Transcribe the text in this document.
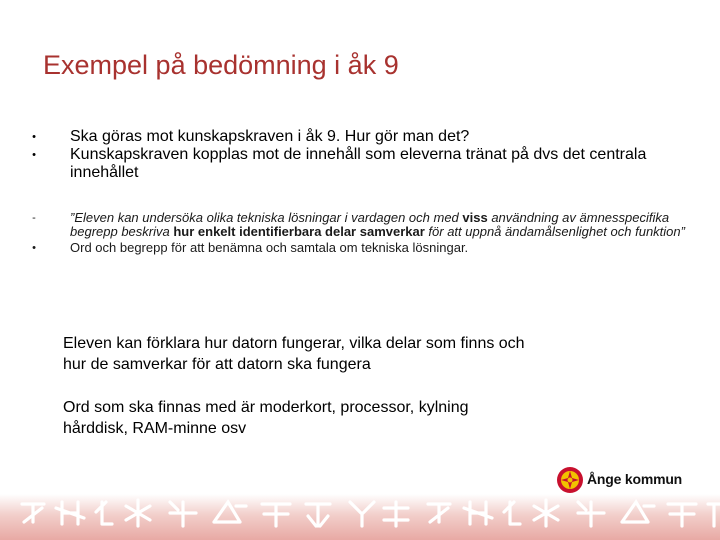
Exempel på bedömning i åk 9
• Ska göras mot kunskapskraven i åk 9. Hur gör man det?
• Kunskapskraven kopplas mot de innehåll som eleverna tränat på dvs det centrala innehållet
-	”Eleven kan undersöka olika tekniska lösningar i vardagen och med viss användning av ämnesspecifika begrepp beskriva hur enkelt identifierbara delar samverkar för att uppnå ändamålsenlighet och funktion”
•	Ord och begrepp för att benämna och samtala om tekniska lösningar.

Eleven kan förklara hur datorn fungerar, vilka delar som finns och
hur de samverkar för att datorn ska fungera

Ord som ska finnas med är moderkort, processor, kylning
hårddisk, RAM-minne osv

Ånge kommun
